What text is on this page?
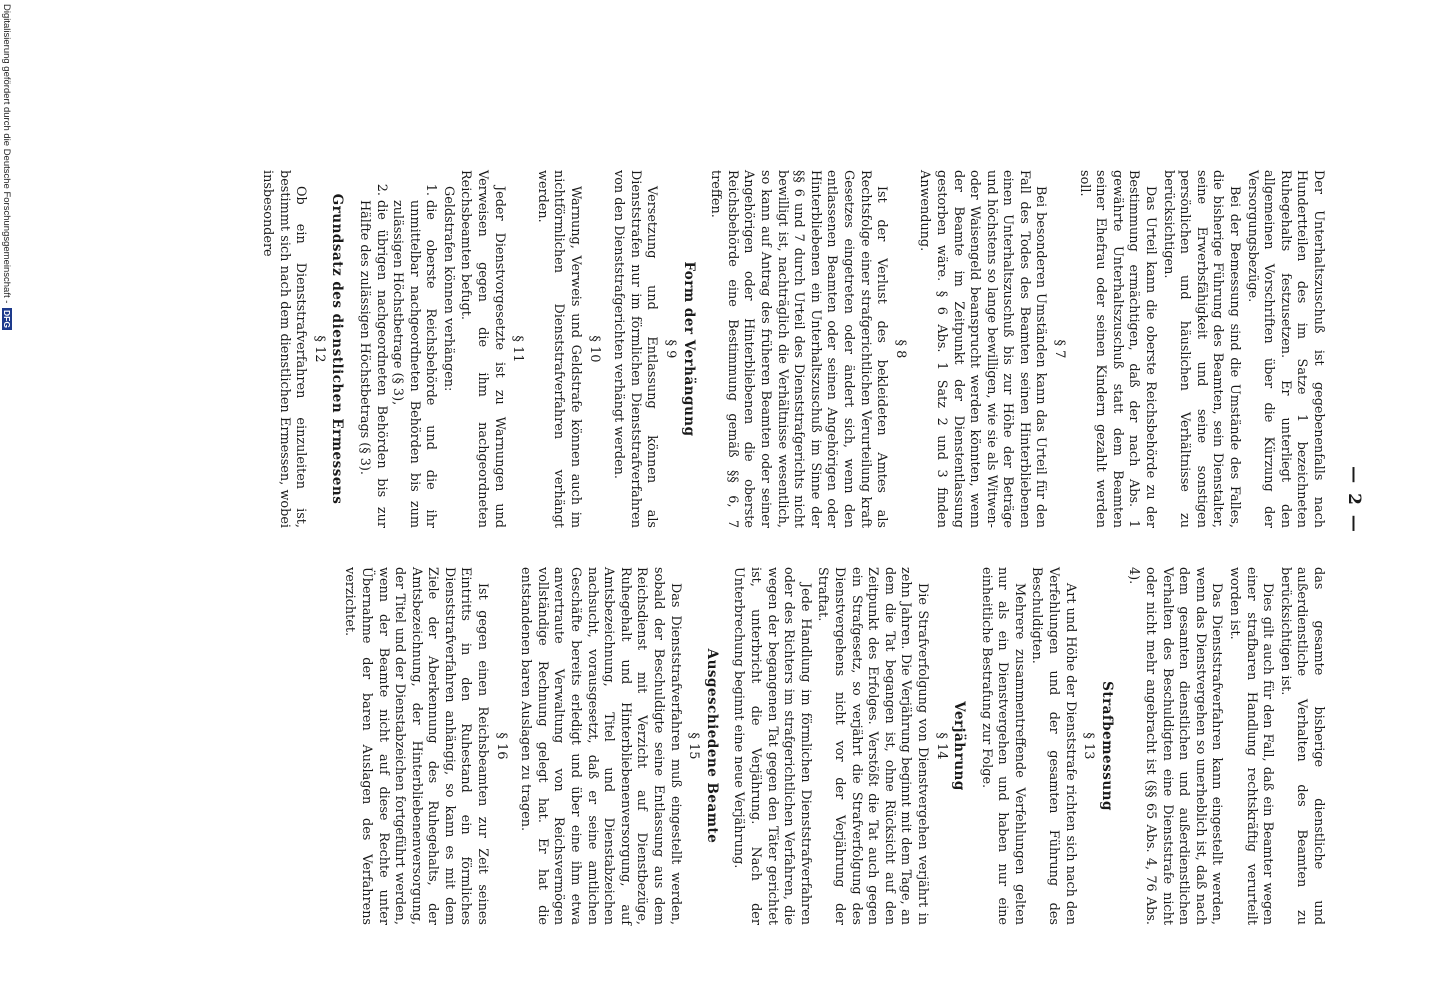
— 2 —

Der Unterhaltszuschuß ist gegebenenfalls nach Hundertteilen des im Satze 1 bezeichneten Ruhegehalts festzusetzen. Er unterliegt den allgemeinen Vorschriften über die Kürzung der Versorgungsbezüge.

Bei der Bemessung sind die Umstände des Falles, die bisherige Führung des Beamten, sein Dienstalter, seine Erwerbsfähigkeit und seine sonstigen persönlichen und häuslichen Verhältnisse zu berücksichtigen.

Das Urteil kann die oberste Reichsbehörde zu der Bestimmung ermächtigen, daß der nach Abs. 1 gewährte Unterhaltszuschuß statt dem Beamten seiner Ehefrau oder seinen Kindern gezahlt werden soll.

§ 7

Bei besonderen Umständen kann das Urteil für den Fall des Todes des Beamten seinen Hinterbliebenen einen Unterhaltszuschuß bis zur Höhe der Beträge und höchstens so lange bewilligen, wie sie als Witwen- oder Waisengeld beansprucht werden könnten, wenn der Beamte im Zeitpunkt der Dienstentlassung gestorben wäre. § 6 Abs. 1 Satz 2 und 3 finden Anwendung.

§ 8

Ist der Verlust des bekleideten Amtes als Rechtsfolge einer strafgerichtlichen Verurteilung kraft Gesetzes eingetreten oder ändert sich, wenn den entlassenen Beamten oder seinen Angehörigen oder Hinterbliebenen ein Unterhaltszuschuß im Sinne der §§ 6 und 7 durch Urteil des Dienststrafgerichts nicht bewilligt ist, nachträglich die Verhältnisse wesentlich, so kann auf Antrag des früheren Beamten oder seiner Angehörigen oder Hinterbliebenen die oberste Reichsbehörde eine Bestimmung gemäß §§ 6, 7 treffen.

Form der Verhängung
§ 9

Versetzung und Entlassung können als Dienststrafen nur im förmlichen Dienststrafverfahren von den Dienststrafgerichten verhängt werden.

§ 10

Warnung, Verweis und Geldstrafe können auch im nichtförmlichen Dienststrafverfahren verhängt werden.

§ 11

Jeder Dienstvorgesetzte ist zu Warnungen und Verweisen gegen die ihm nachgeordneten Reichsbeamten befugt.

Geldstrafen können verhängen:

1. die oberste Reichsbehörde und die ihr unmittelbar nachgeordneten Behörden bis zum zulässigen Höchstbetrage (§ 3),
2. die übrigen nachgeordneten Behörden bis zur Hälfte des zulässigen Höchstbetrags (§ 3).
Grundsatz des dienstlichen Ermessens
§ 12

Ob ein Dienststrafverfahren einzuleiten ist, bestimmt sich nach dem dienstlichen Ermessen, wobei insbesondere

das gesamte bisherige dienstliche und außerdienstliche Verhalten des Beamten zu berücksichtigen ist.

Dies gilt auch für den Fall, daß ein Beamter wegen einer strafbaren Handlung rechtskräftig verurteilt worden ist.

Das Dienststrafverfahren kann eingestellt werden, wenn das Dienstvergehen so unerheblich ist, daß nach dem gesamten dienstlichen und außerdienstlichen Verhalten des Beschuldigten eine Dienststrafe nicht oder nicht mehr angebracht ist (§§ 65 Abs. 4, 76 Abs. 4).

Strafbemessung
§ 13

Art und Höhe der Dienststrafe richten sich nach den Verfehlungen und der gesamten Führung des Beschuldigten.

Mehrere zusammentreffende Verfehlungen gelten nur als ein Dienstvergehen und haben nur eine einheitliche Bestrafung zur Folge.

Verjährung
§ 14

Die Strafverfolgung von Dienstvergehen verjährt in zehn Jahren. Die Verjährung beginnt mit dem Tage, an dem die Tat begangen ist, ohne Rücksicht auf den Zeitpunkt des Erfolges. Verstößt die Tat auch gegen ein Strafgesetz, so verjährt die Strafverfolgung des Dienstvergehens nicht vor der Verjährung der Straftat.

Jede Handlung im förmlichen Dienststrafverfahren oder des Richters im strafgerichtlichen Verfahren, die wegen der begangenen Tat gegen den Täter gerichtet ist, unterbricht die Verjährung. Nach der Unterbrechung beginnt eine neue Verjährung.

Ausgeschiedene Beamte
§ 15

Das Dienststrafverfahren muß eingestellt werden, sobald der Beschuldigte seine Entlassung aus dem Reichsdienst mit Verzicht auf Dienstbezüge, Ruhegehalt und Hinterbliebenenversorgung, auf Amtsbezeichnung, Titel und Dienstabzeichen nachsucht, vorausgesetzt, daß er seine amtlichen Geschäfte bereits erledigt und über eine ihm etwa anvertraute Verwaltung von Reichsvermögen vollständige Rechnung gelegt hat. Er hat die entstandenen baren Auslagen zu tragen.

§ 16

Ist gegen einen Reichsbeamten zur Zeit seines Eintritts in den Ruhestand ein förmliches Dienststrafverfahren anhängig, so kann es mit dem Ziele der Aberkennung des Ruhegehalts, der Amtsbezeichnung, der Hinterbliebenenversorgung, der Titel und der Dienstabzeichen fortgeführt werden, wenn der Beamte nicht auf diese Rechte unter Übernahme der baren Auslagen des Verfahrens verzichtet.

Digitalisierung gefördert durch die Deutsche Forschungsgemeinschaft - DFG
